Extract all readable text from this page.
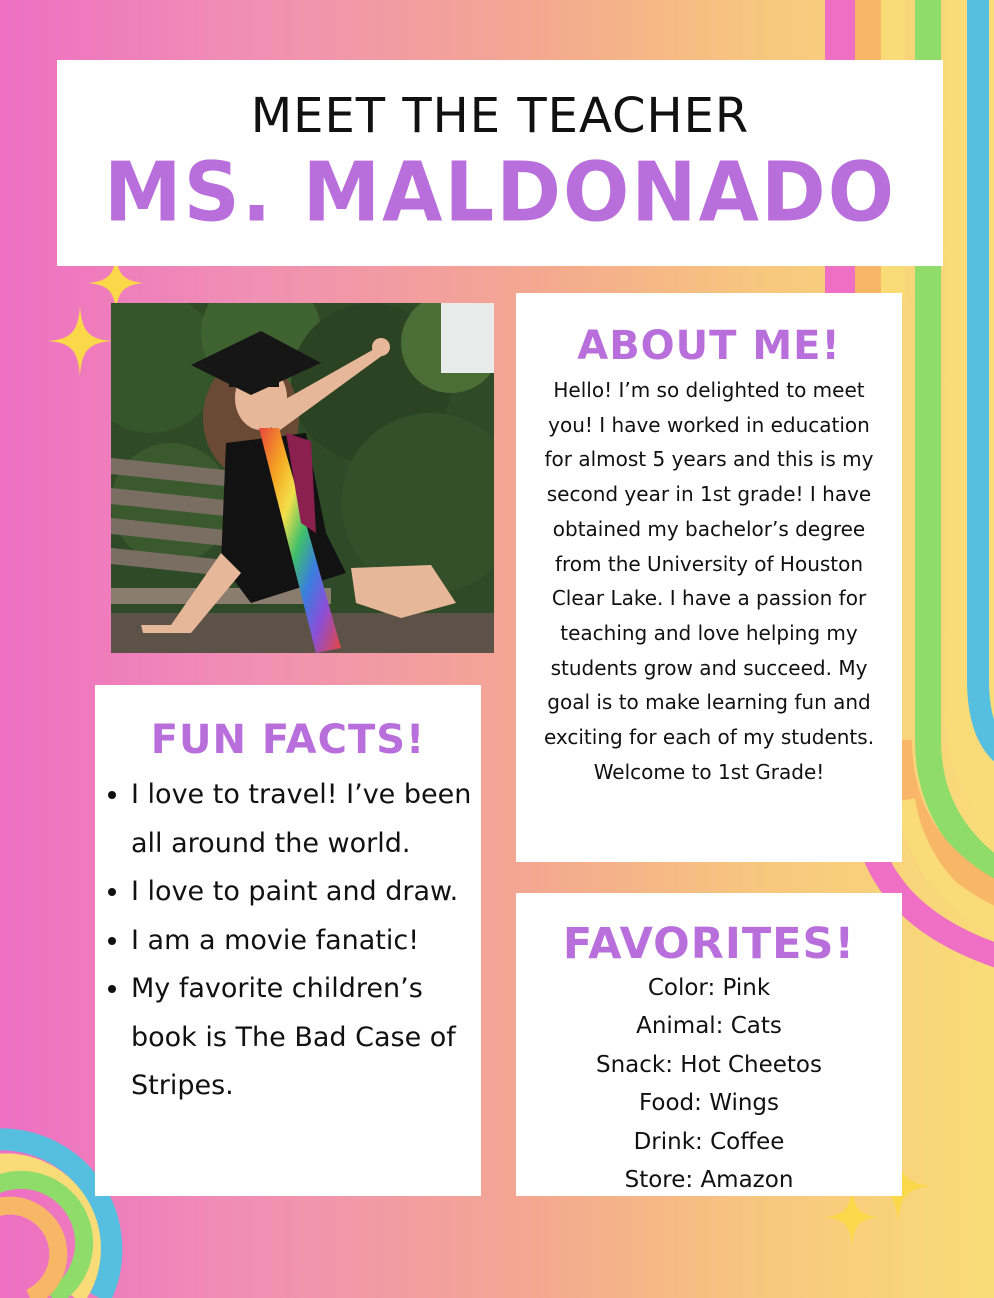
MEET THE TEACHER
MS. MALDONADO
ABOUT ME!
Hello! I’m so delighted to meet you! I have worked in education for almost 5 years and this is my second year in 1st grade! I have obtained my bachelor’s degree from the University of Houston Clear Lake. I have a passion for teaching and love helping my students grow and succeed. My goal is to make learning fun and exciting for each of my students.
Welcome to 1st Grade!
FUN FACTS!
• I love to travel! I’ve been all around the world.
• I love to paint and draw.
• I am a movie fanatic!
• My favorite children’s book is The Bad Case of Stripes.
FAVORITES!
Color: Pink
Animal: Cats
Snack: Hot Cheetos
Food: Wings
Drink: Coffee
Store: Amazon
